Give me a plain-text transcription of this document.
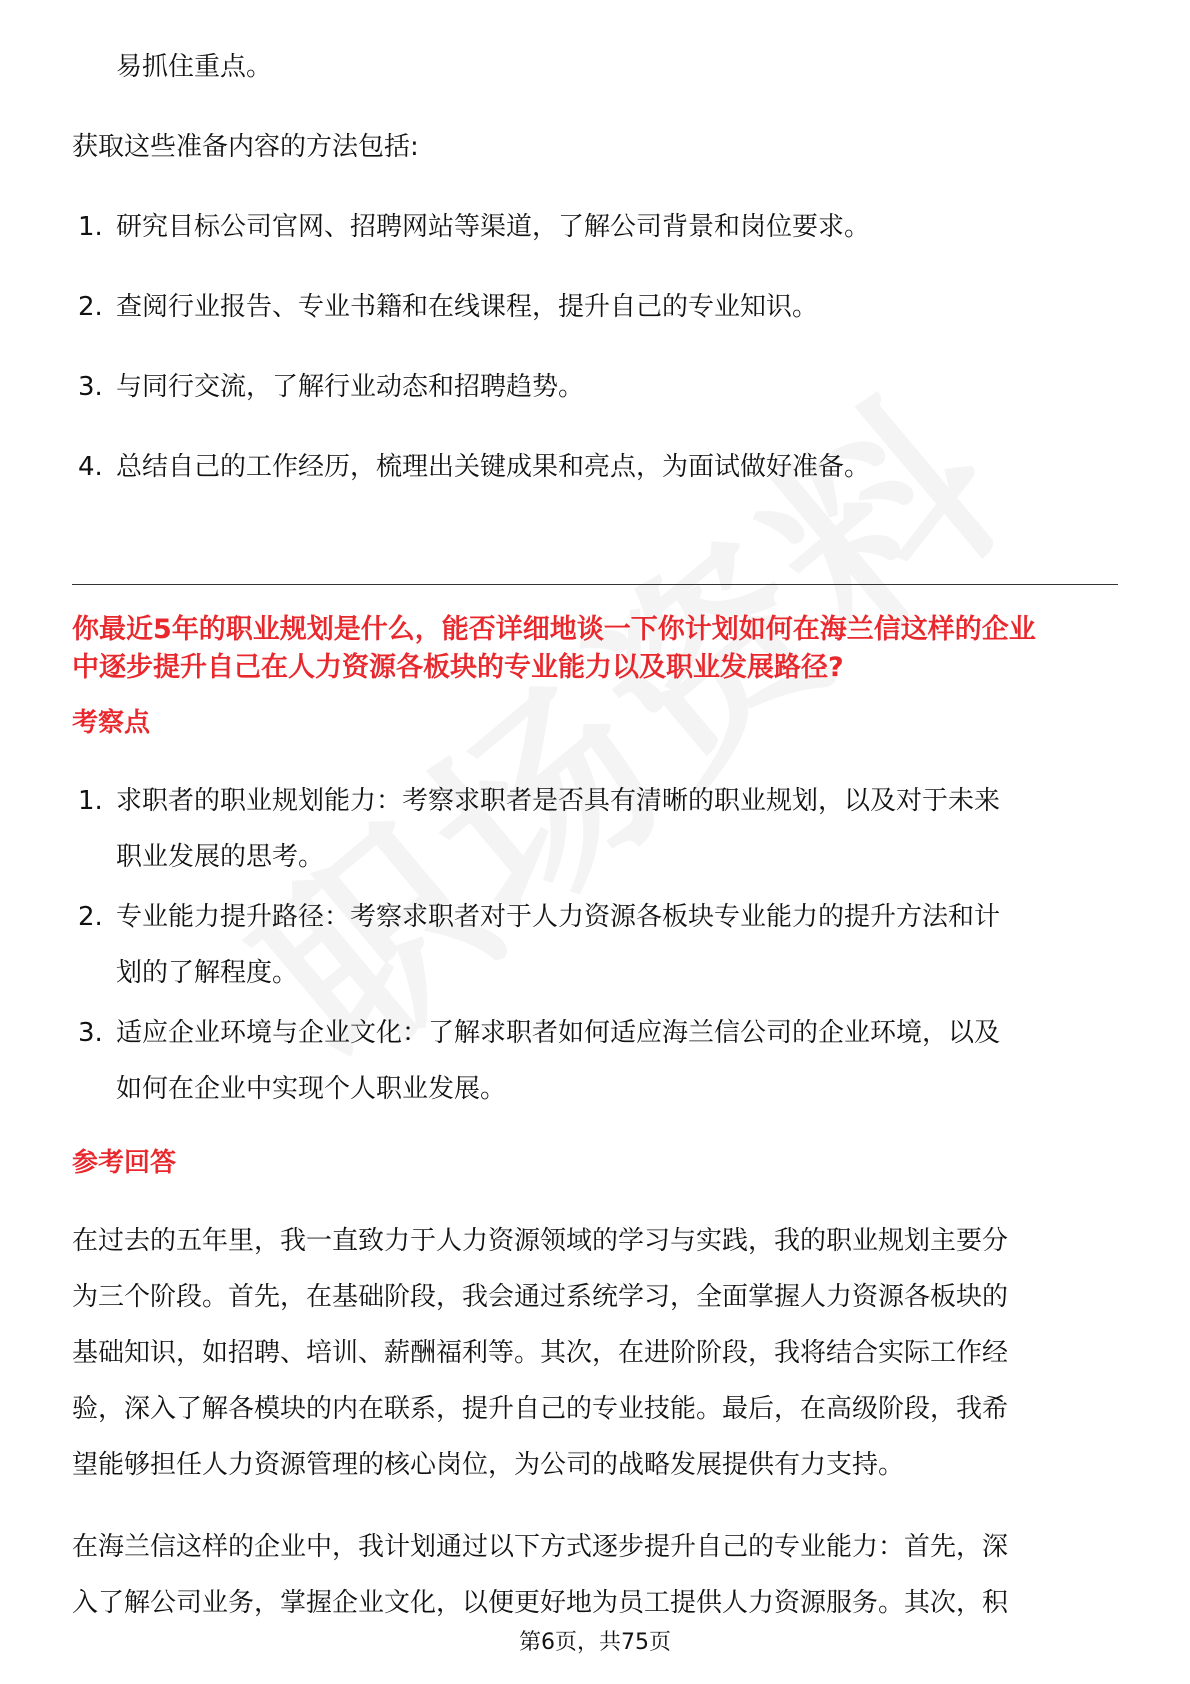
易抓住重点。
获取这些准备内容的方法包括:
1. 研究目标公司官网、招聘网站等渠道，了解公司背景和岗位要求。
2. 查阅行业报告、专业书籍和在线课程，提升自己的专业知识。
3. 与同行交流，了解行业动态和招聘趋势。
4. 总结自己的工作经历，梳理出关键成果和亮点，为面试做好准备。
你最近5年的职业规划是什么，能否详细地谈一下你计划如何在海兰信这样的企业
中逐步提升自己在人力资源各板块的专业能力以及职业发展路径?
考察点
1. 求职者的职业规划能力：考察求职者是否具有清晰的职业规划，以及对于未来
职业发展的思考。
2. 专业能力提升路径：考察求职者对于人力资源各板块专业能力的提升方法和计
划的了解程度。
3. 适应企业环境与企业文化：了解求职者如何适应海兰信公司的企业环境，以及
如何在企业中实现个人职业发展。
参考回答
在过去的五年里，我一直致力于人力资源领域的学习与实践，我的职业规划主要分
为三个阶段。首先，在基础阶段，我会通过系统学习，全面掌握人力资源各板块的
基础知识，如招聘、培训、薪酬福利等。其次，在进阶阶段，我将结合实际工作经
验，深入了解各模块的内在联系，提升自己的专业技能。最后，在高级阶段，我希
望能够担任人力资源管理的核心岗位，为公司的战略发展提供有力支持。
在海兰信这样的企业中，我计划通过以下方式逐步提升自己的专业能力：首先，深
入了解公司业务，掌握企业文化，以便更好地为员工提供人力资源服务。其次，积
第6页，共75页
